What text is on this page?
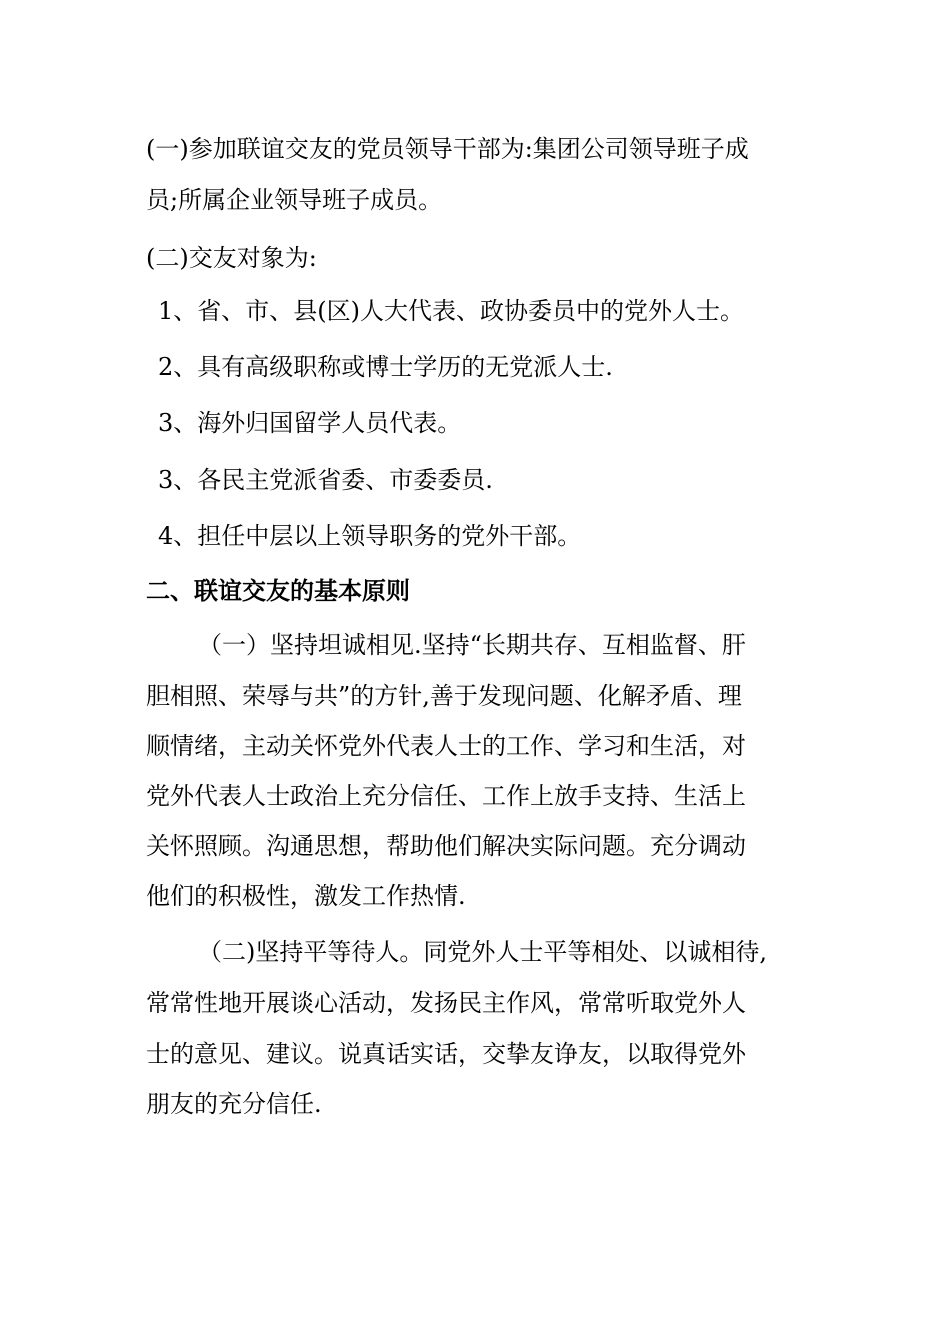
(一)参加联谊交友的党员领导干部为:集团公司领导班子成
员;所属企业领导班子成员。
(二)交友对象为:
1、省、市、县(区)人大代表、政协委员中的党外人士。
2、具有高级职称或博士学历的无党派人士.
3、海外归国留学人员代表。
3、各民主党派省委、市委委员.
4、担任中层以上领导职务的党外干部。
二、联谊交友的基本原则
（一）坚持坦诚相见.坚持“长期共存、互相监督、肝
胆相照、荣辱与共”的方针,善于发现问题、化解矛盾、理
顺情绪，主动关怀党外代表人士的工作、学习和生活，对
党外代表人士政治上充分信任、工作上放手支持、生活上
关怀照顾。沟通思想，帮助他们解决实际问题。充分调动
他们的积极性，激发工作热情.
（二)坚持平等待人。同党外人士平等相处、以诚相待,
常常性地开展谈心活动，发扬民主作风，常常听取党外人
士的意见、建议。说真话实话，交挚友诤友，以取得党外
朋友的充分信任.
